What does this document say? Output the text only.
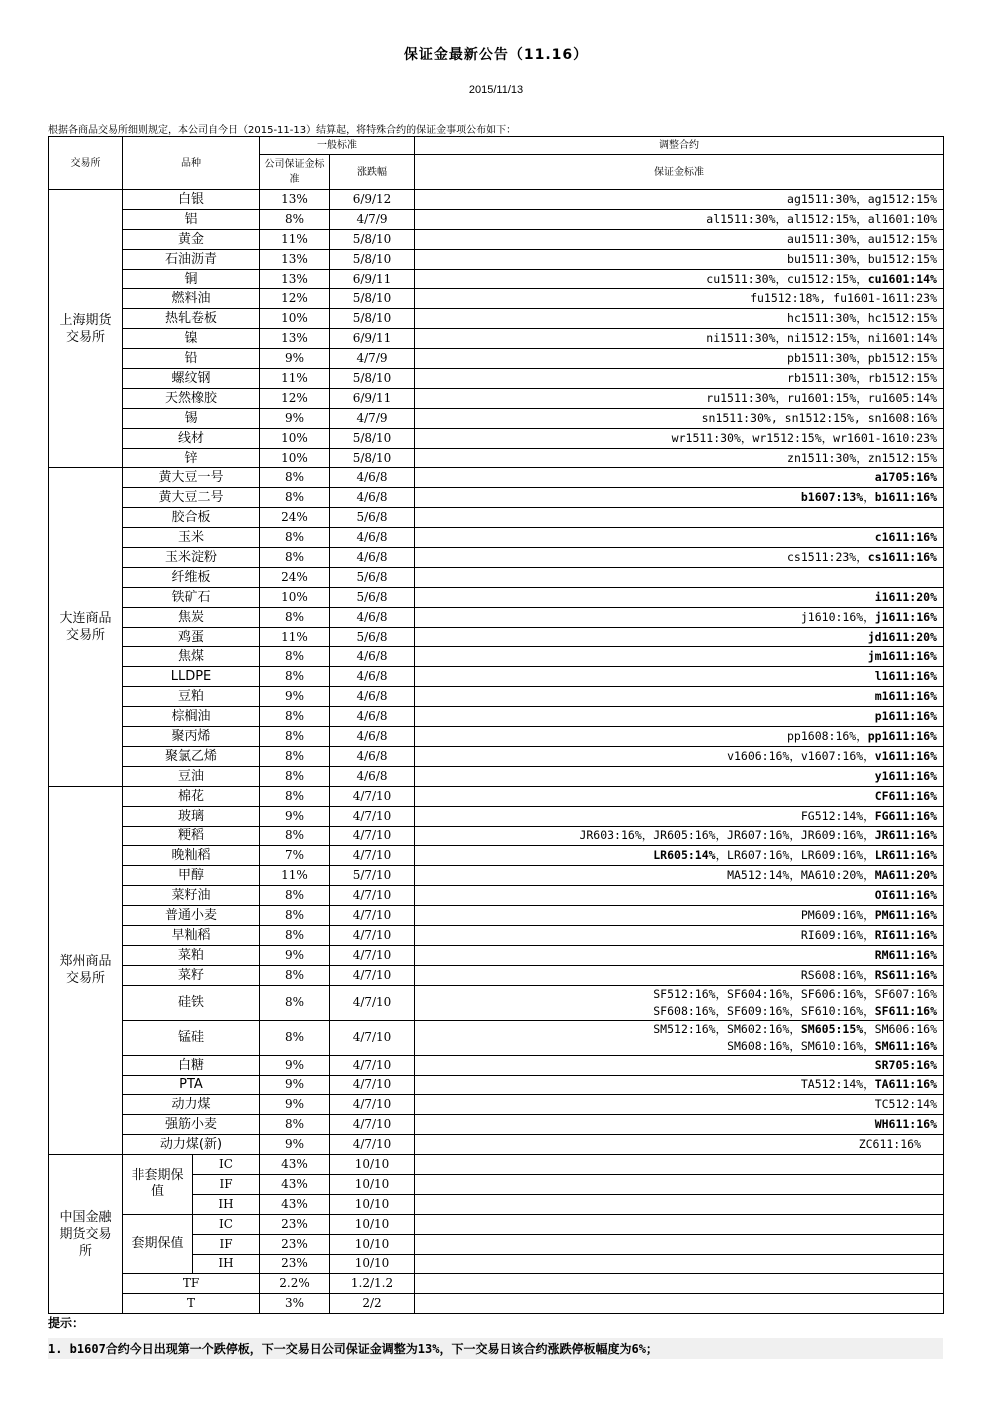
保证金最新公告（11.16）
2015/11/13
根据各商品交易所细则规定，本公司自今日（2015-11-13）结算起，将特殊合约的保证金事项公布如下：
交易所	品种		一般标准		调整合约
			公司保证金标准	涨跌幅	保证金标准
上海期货交易所	白银		13%	6/9/12	ag1511:30%，ag1512:15%
	铝		8%	4/7/9	al1511:30%，al1512:15%，al1601:10%
	黄金		11%	5/8/10	au1511:30%，au1512:15%
	石油沥青		13%	5/8/10	bu1511:30%，bu1512:15%
	铜		13%	6/9/11	cu1511:30%，cu1512:15%，cu1601:14%
	燃料油		12%	5/8/10	fu1512:18%, fu1601-1611:23%
	热轧卷板		10%	5/8/10	hc1511:30%，hc1512:15%
	镍		13%	6/9/11	ni1511:30%，ni1512:15%，ni1601:14%
	铅		9%	4/7/9	pb1511:30%，pb1512:15%
	螺纹钢		11%	5/8/10	rb1511:30%，rb1512:15%
	天然橡胶		12%	6/9/11	ru1511:30%，ru1601:15%，ru1605:14%
	锡		9%	4/7/9	sn1511:30%, sn1512:15%, sn1608:16%
	线材		10%	5/8/10	wr1511:30%，wr1512:15%，wr1601-1610:23%
	锌		10%	5/8/10	zn1511:30%，zn1512:15%
大连商品交易所	黄大豆一号		8%	4/6/8	a1705:16%
	黄大豆二号		8%	4/6/8	b1607:13%，b1611:16%
	胶合板		24%	5/6/8	
	玉米		8%	4/6/8	c1611:16%
	玉米淀粉		8%	4/6/8	cs1511:23%，cs1611:16%
	纤维板		24%	5/6/8	
	铁矿石		10%	5/6/8	i1611:20%
	焦炭		8%	4/6/8	j1610:16%，j1611:16%
	鸡蛋		11%	5/6/8	jd1611:20%
	焦煤		8%	4/6/8	jm1611:16%
	LLDPE		8%	4/6/8	l1611:16%
	豆粕		9%	4/6/8	m1611:16%
	棕榈油		8%	4/6/8	p1611:16%
	聚丙烯		8%	4/6/8	pp1608:16%，pp1611:16%
	聚氯乙烯		8%	4/6/8	v1606:16%，v1607:16%，v1611:16%
	豆油		8%	4/6/8	y1611:16%
郑州商品交易所	棉花		8%	4/7/10	CF611:16%
	玻璃		9%	4/7/10	FG512:14%，FG611:16%
	粳稻		8%	4/7/10	JR603:16%，JR605:16%，JR607:16%，JR609:16%，JR611:16%
	晚籼稻		7%	4/7/10	LR605:14%，LR607:16%，LR609:16%，LR611:16%
	甲醇		11%	5/7/10	MA512:14%，MA610:20%，MA611:20%
	菜籽油		8%	4/7/10	OI611:16%
	普通小麦		8%	4/7/10	PM609:16%，PM611:16%
	早籼稻		8%	4/7/10	RI609:16%，RI611:16%
	菜粕		9%	4/7/10	RM611:16%
	菜籽		8%	4/7/10	RS608:16%，RS611:16%
	硅铁		8%	4/7/10	SF512:16%，SF604:16%，SF606:16%，SF607:16%
SF608:16%，SF609:16%，SF610:16%，SF611:16%
	锰硅		8%	4/7/10	SM512:16%，SM602:16%，SM605:15%，SM606:16%
SM608:16%，SM610:16%，SM611:16%
	白糖		9%	4/7/10	SR705:16%
	PTA		9%	4/7/10	TA512:14%，TA611:16%
	动力煤		9%	4/7/10	TC512:14%
	强筋小麦		8%	4/7/10	WH611:16%
	动力煤(新)		9%	4/7/10	ZC611:16%
中国金融期货交易所	非套期保值	IC	43%	10/10	
		IF	43%	10/10	
		IH	43%	10/10	
	套期保值	IC	23%	10/10	
		IF	23%	10/10	
		IH	23%	10/10	
	TF		2.2%	1.2/1.2	
	T		3%	2/2	
提示：
1. b1607合约今日出现第一个跌停板，下一交易日公司保证金调整为13%，下一交易日该合约涨跌停板幅度为6%；
